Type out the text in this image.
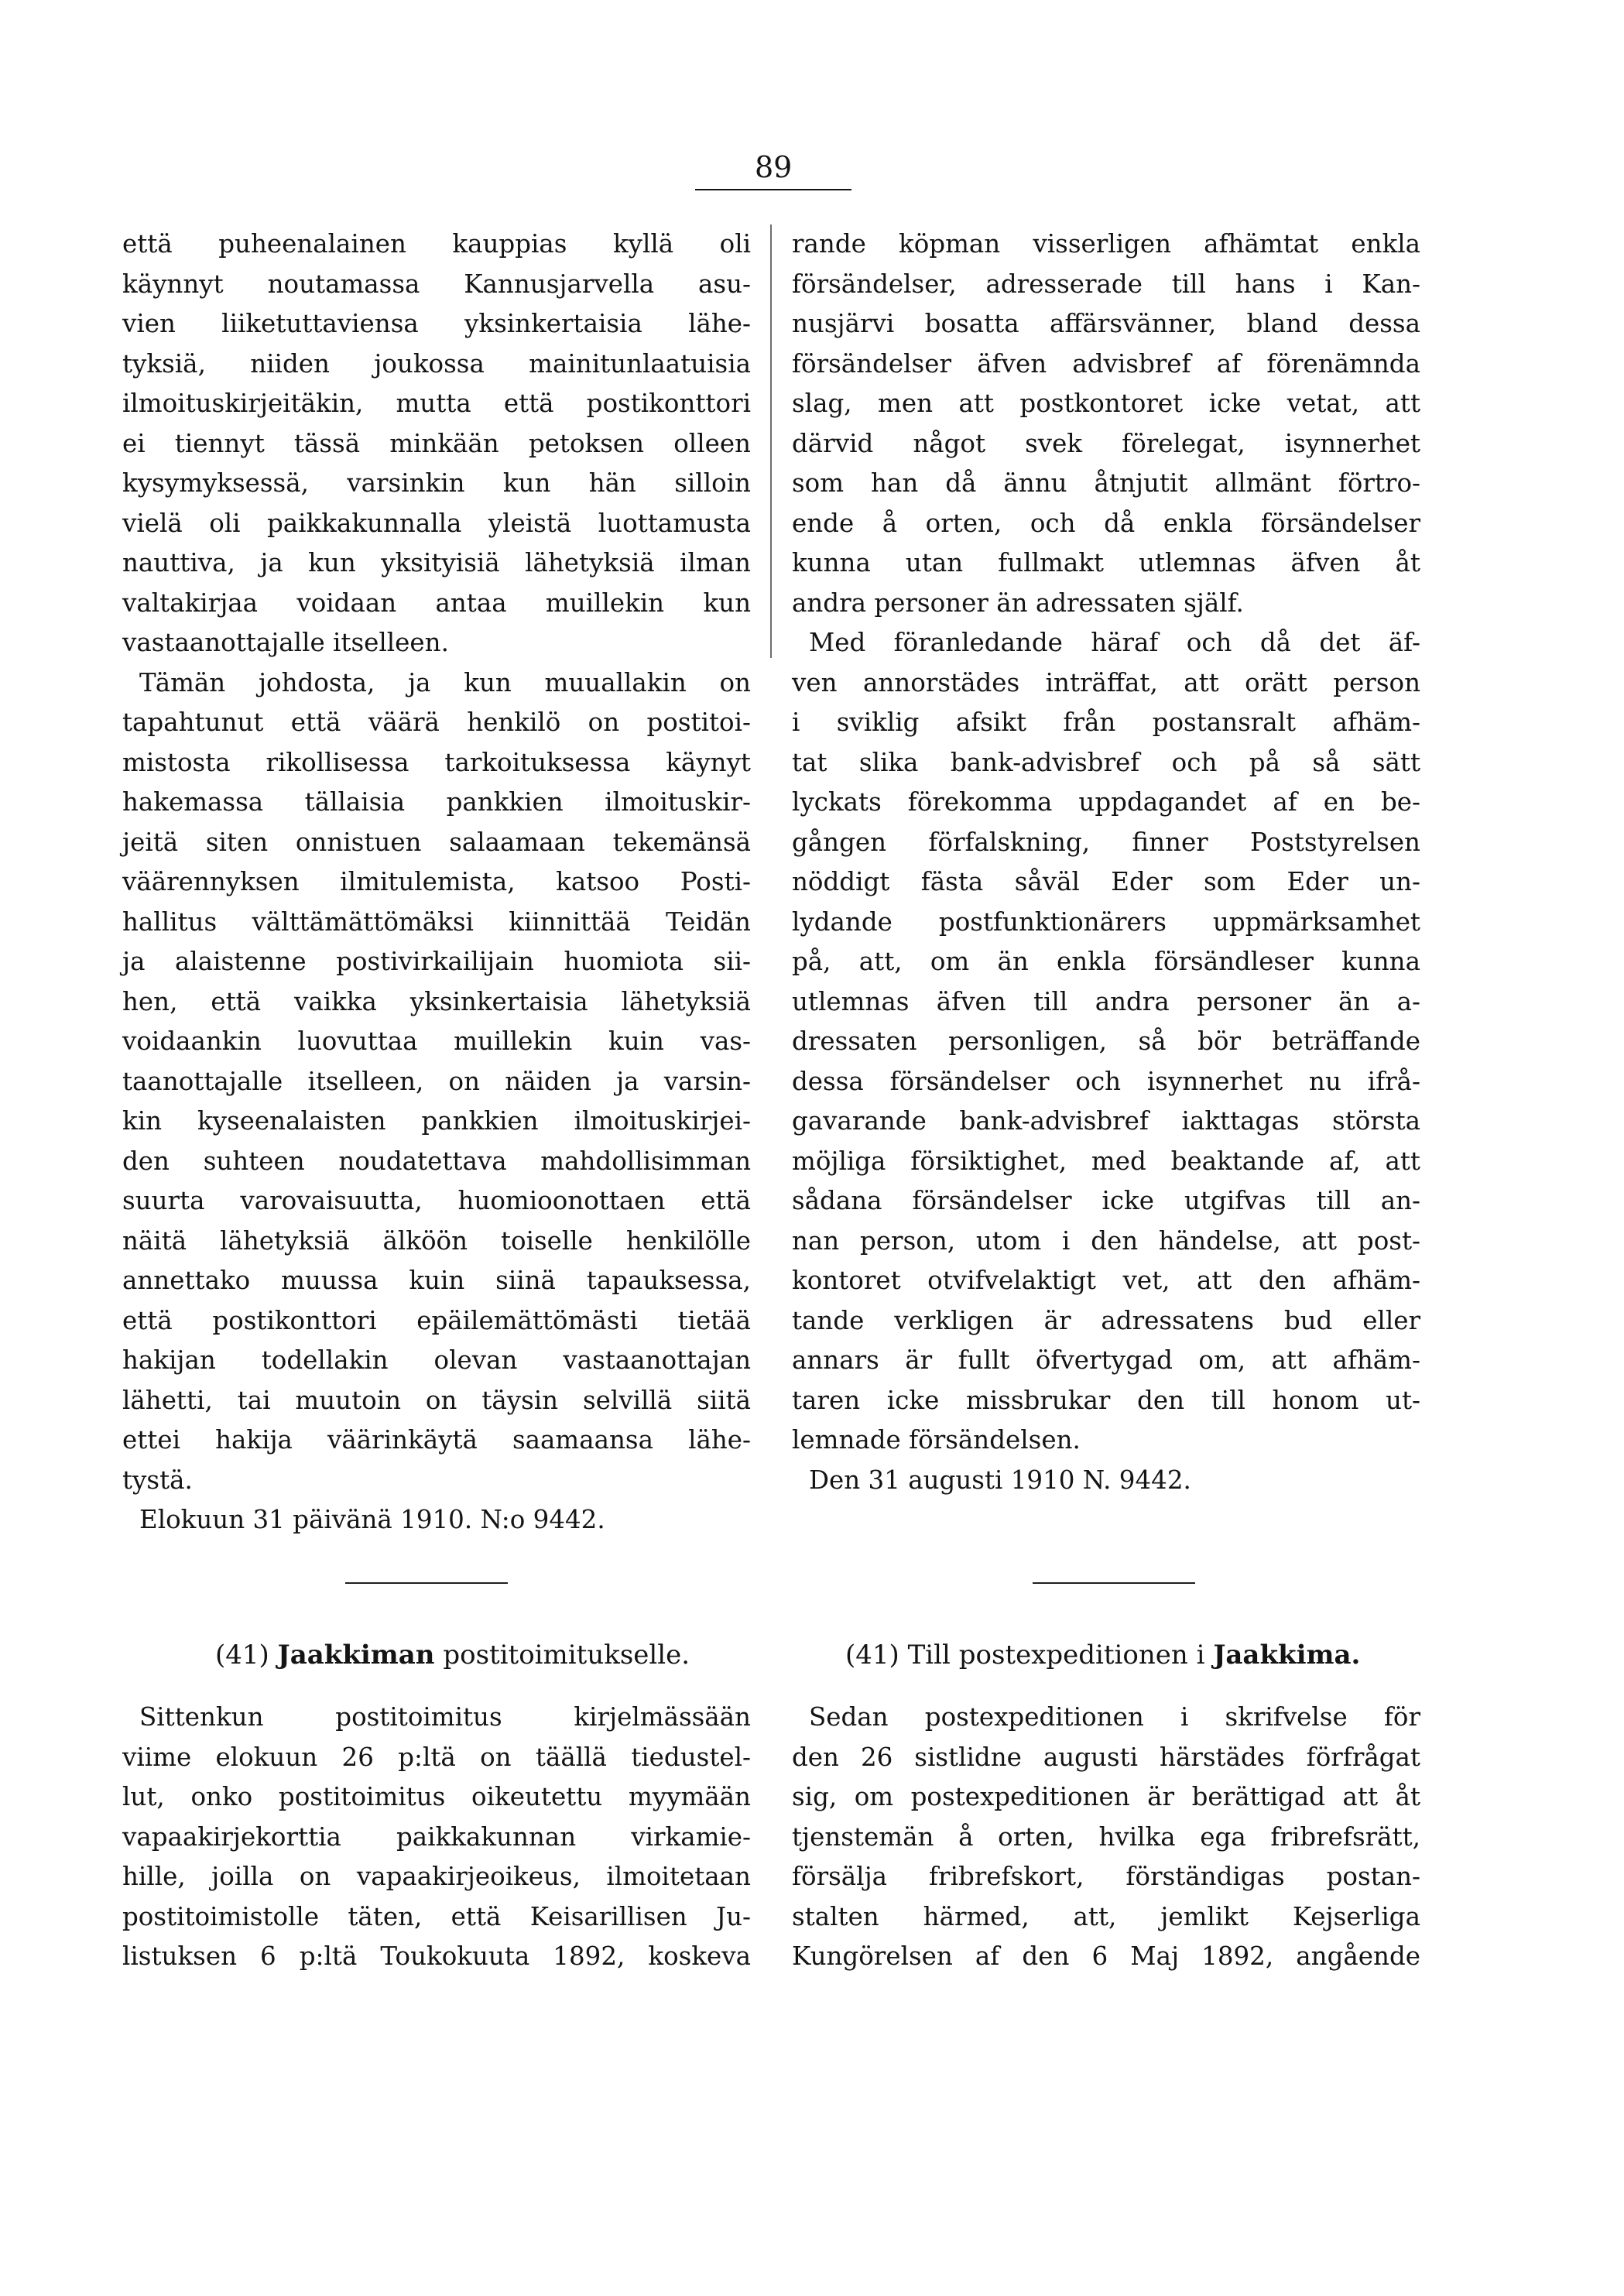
89
että puheenalainen kauppias kyllä oli
käynnyt noutamassa Kannusjarvella asu-
vien liiketuttaviensa yksinkertaisia lähe-
tyksiä, niiden joukossa mainitunlaatuisia
ilmoituskirjeitäkin, mutta että postikonttori
ei tiennyt tässä minkään petoksen olleen
kysymyksessä, varsinkin kun hän silloin
vielä oli paikkakunnalla yleistä luottamusta
nauttiva, ja kun yksityisiä lähetyksiä ilman
valtakirjaa voidaan antaa muillekin kun
vastaanottajalle itselleen.
Tämän johdosta, ja kun muuallakin on
tapahtunut että väärä henkilö on postitoi-
mistosta rikollisessa tarkoituksessa käynyt
hakemassa tällaisia pankkien ilmoituskir-
jeitä siten onnistuen salaamaan tekemänsä
väärennyksen ilmitulemista, katsoo Posti-
hallitus välttämättömäksi kiinnittää Teidän
ja alaistenne postivirkailijain huomiota sii-
hen, että vaikka yksinkertaisia lähetyksiä
voidaankin luovuttaa muillekin kuin vas-
taanottajalle itselleen, on näiden ja varsin-
kin kyseenalaisten pankkien ilmoituskirjei-
den suhteen noudatettava mahdollisimman
suurta varovaisuutta, huomioonottaen että
näitä lähetyksiä älköön toiselle henkilölle
annettako muussa kuin siinä tapauksessa,
että postikonttori epäilemättömästi tietää
hakijan todellakin olevan vastaanottajan
lähetti, tai muutoin on täysin selvillä siitä
ettei hakija väärinkäytä saamaansa lähe-
tystä.
Elokuun 31 päivänä 1910. N:o 9442.
rande köpman visserligen afhämtat enkla
försändelser, adresserade till hans i Kan-
nusjärvi bosatta affärsvänner, bland dessa
försändelser äfven advisbref af förenämnda
slag, men att postkontoret icke vetat, att
därvid något svek förelegat, isynnerhet
som han då ännu åtnjutit allmänt förtro-
ende å orten, och då enkla försändelser
kunna utan fullmakt utlemnas äfven åt
andra personer än adressaten själf.
Med föranledande häraf och då det äf-
ven annorstädes inträffat, att orätt person
i sviklig afsikt från postansralt afhäm-
tat slika bank-advisbref och på så sätt
lyckats förekomma uppdagandet af en be-
gången förfalskning, finner Poststyrelsen
nöddigt fästa såväl Eder som Eder un-
lydande postfunktionärers uppmärksamhet
på, att, om än enkla försändleser kunna
utlemnas äfven till andra personer än a-
dressaten personligen, så bör beträffande
dessa försändelser och isynnerhet nu ifrå-
gavarande bank-advisbref iakttagas största
möjliga försiktighet, med beaktande af, att
sådana försändelser icke utgifvas till an-
nan person, utom i den händelse, att post-
kontoret otvifvelaktigt vet, att den afhäm-
tande verkligen är adressatens bud eller
annars är fullt öfvertygad om, att afhäm-
taren icke missbrukar den till honom ut-
lemnade försändelsen.
Den 31 augusti 1910 N. 9442.
(41) Jaakkiman postitoimitukselle.	(41) Till postexpeditionen i Jaakkima.
Sittenkun postitoimitus kirjelmässään
viime elokuun 26 p:ltä on täällä tiedustel-
lut, onko postitoimitus oikeutettu myymään
vapaakirjekorttia paikkakunnan virkamie-
hille, joilla on vapaakirjeoikeus, ilmoitetaan
postitoimistolle täten, että Keisarillisen Ju-
listuksen 6 p:ltä Toukokuuta 1892, koskeva
Sedan postexpeditionen i skrifvelse för
den 26 sistlidne augusti härstädes förfrågat
sig, om postexpeditionen är berättigad att åt
tjenstemän å orten, hvilka ega fribrefsrätt,
försälja fribrefskort, förständigas postan-
stalten härmed, att, jemlikt Kejserliga
Kungörelsen af den 6 Maj 1892, angående
